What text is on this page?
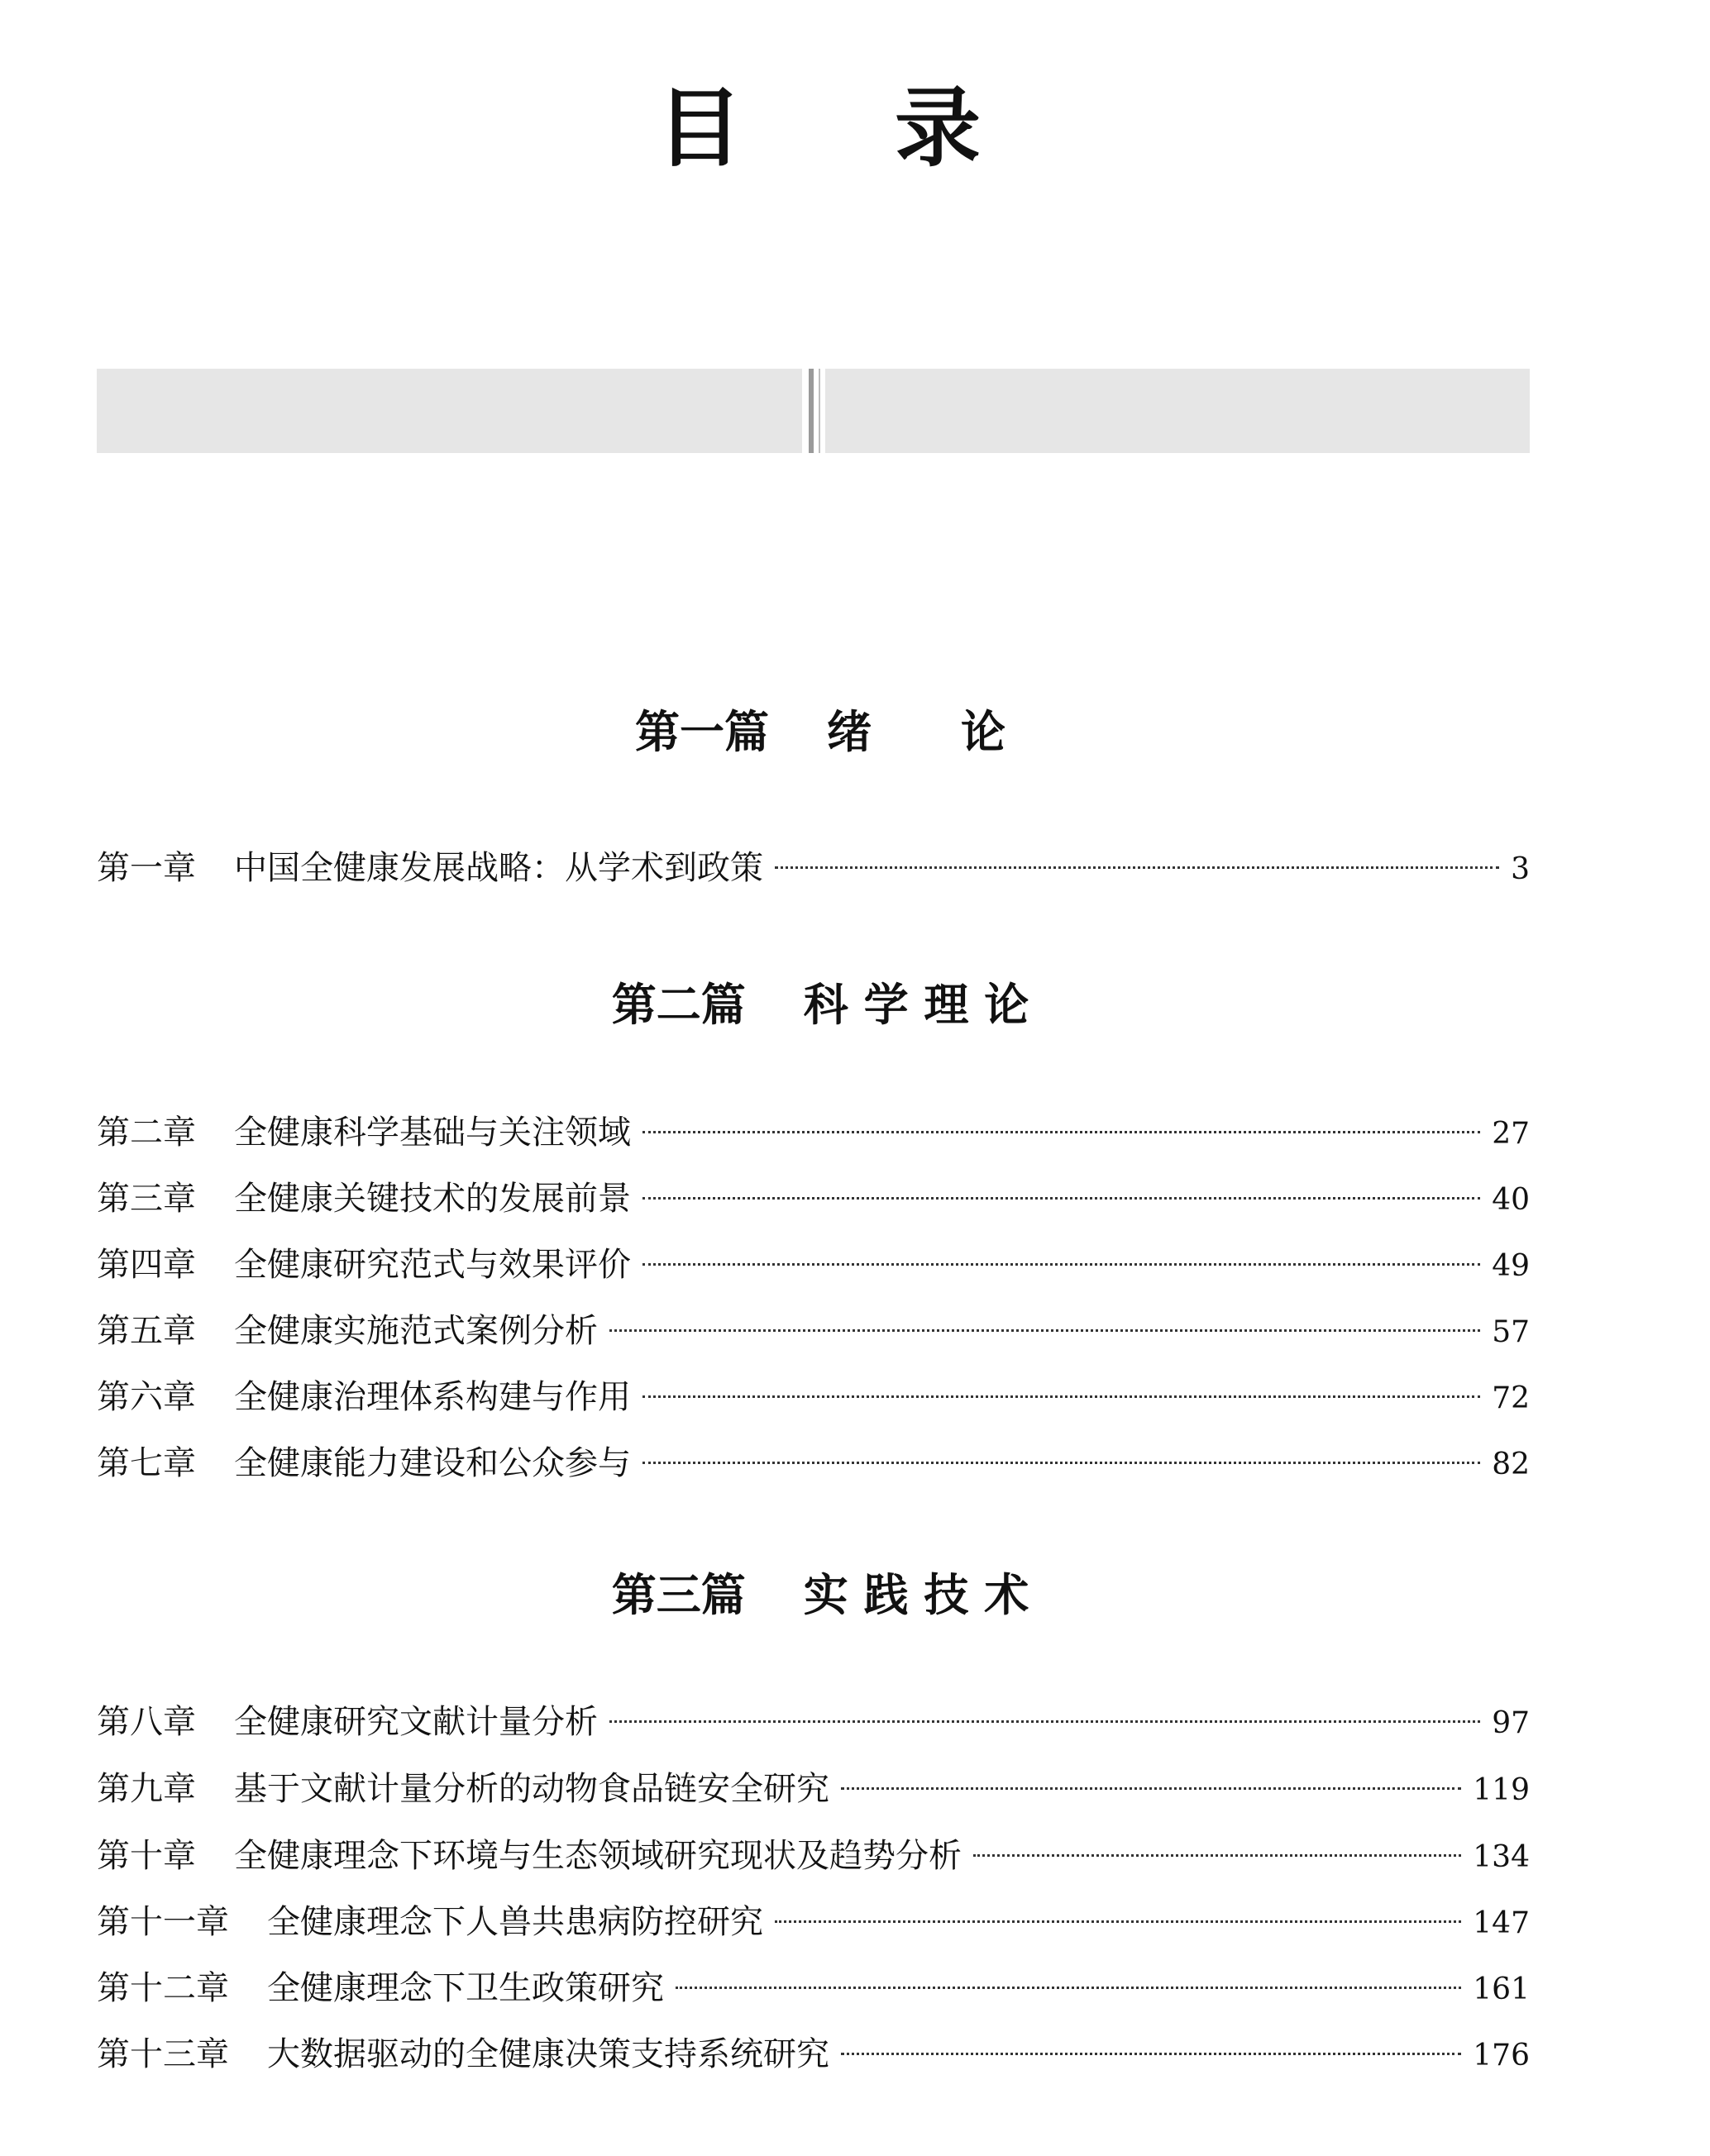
目 录
第一篇 绪　　论
第一章 中国全健康发展战略：从学术到政策	3
第二篇 科 学 理 论
第二章 全健康科学基础与关注领域	27
第三章 全健康关键技术的发展前景	40
第四章 全健康研究范式与效果评价	49
第五章 全健康实施范式案例分析	57
第六章 全健康治理体系构建与作用	72
第七章 全健康能力建设和公众参与	82
第三篇 实 践 技 术
第八章 全健康研究文献计量分析	97
第九章 基于文献计量分析的动物食品链安全研究	119
第十章 全健康理念下环境与生态领域研究现状及趋势分析	134
第十一章 全健康理念下人兽共患病防控研究	147
第十二章 全健康理念下卫生政策研究	161
第十三章 大数据驱动的全健康决策支持系统研究	176
